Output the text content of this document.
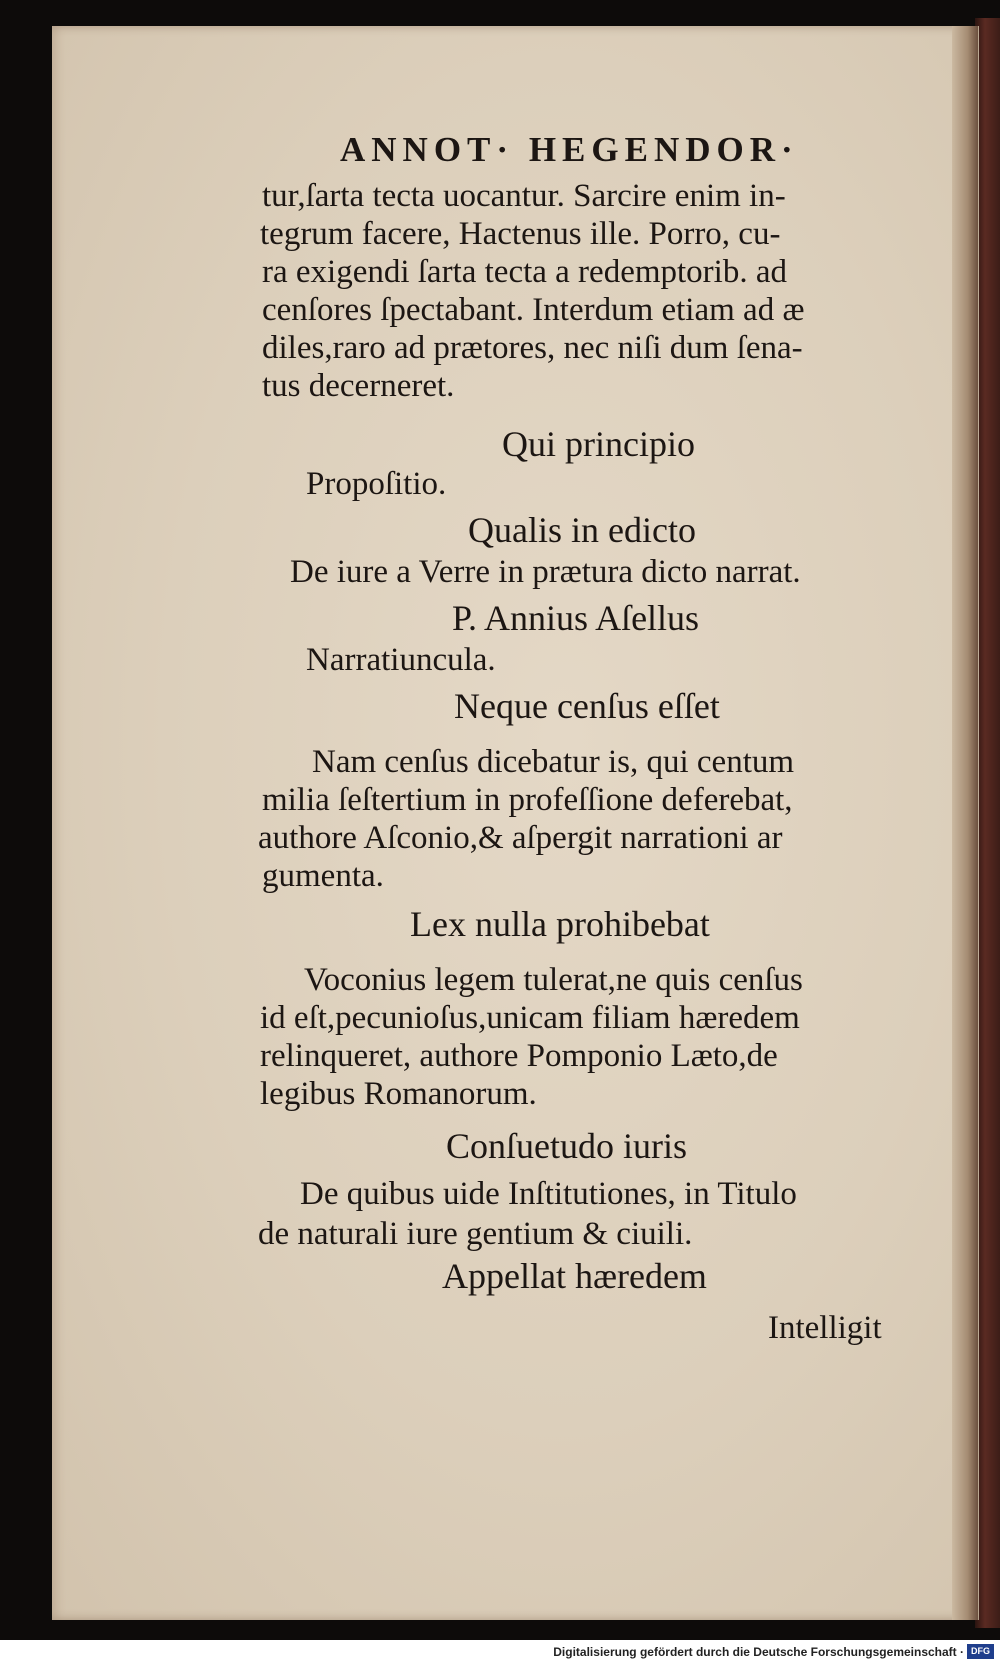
ANNOT· HEGENDOR·
tur,ſarta tecta uocantur. Sarcire enim in-
tegrum facere, Hactenus ille. Porro, cu-
ra exigendi ſarta tecta a redemptorib. ad
cenſores ſpectabant. Interdum etiam ad æ
diles,raro ad prætores, nec niſi dum ſena-
tus decerneret.
Qui principio
Propoſitio.
Qualis in edicto
De iure a Verre in prætura dicto narrat.
P. Annius Aſellus
Narratiuncula.
Neque cenſus eſſet
Nam cenſus dicebatur is, qui centum
milia ſeſtertium in profeſſione deferebat,
authore Aſconio,& aſpergit narrationi ar
gumenta.
Lex nulla prohibebat
Voconius legem tulerat,ne quis cenſus
id eſt,pecunioſus,unicam filiam hæredem
relinqueret, authore Pomponio Læto,de
legibus Romanorum.
Conſuetudo iuris
De quibus uide Inſtitutiones, in Titulo
de naturali iure gentium & ciuili.
Appellat hæredem
Intelligit
Digitalisierung gefördert durch die Deutsche Forschungsgemeinschaft · DFG
